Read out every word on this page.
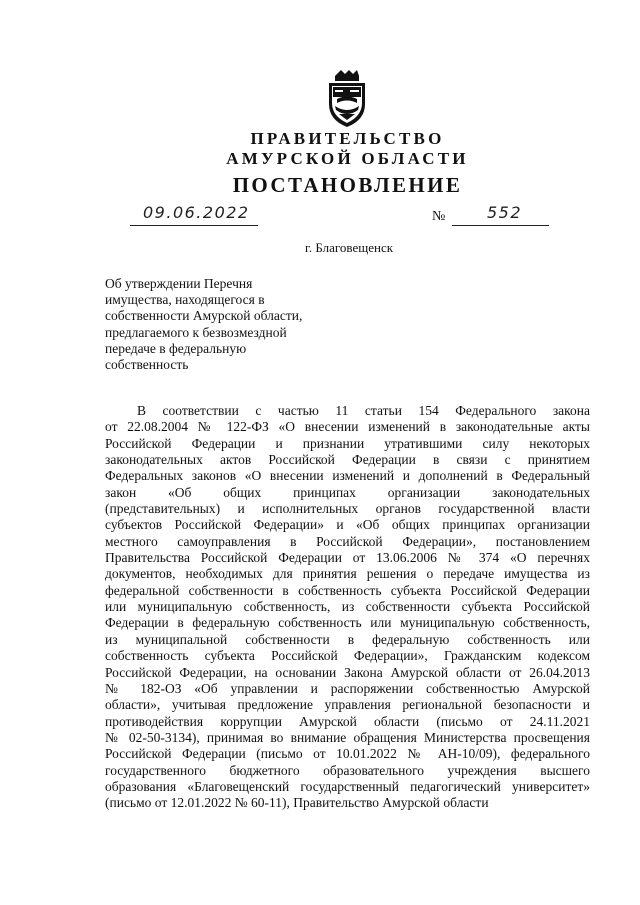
ПРАВИТЕЛЬСТВО
АМУРСКОЙ ОБЛАСТИ
ПОСТАНОВЛЕНИЕ
09.06.2022	№	552
г. Благовещенск
Об утверждении Перечня
имущества, находящегося в
собственности Амурской области,
предлагаемого к безвозмездной
передаче в федеральную
собственность
В соответствии с частью 11 статьи 154 Федерального закона
от 22.08.2004 № 122-ФЗ «О внесении изменений в законодательные акты
Российской Федерации и признании утратившими силу некоторых
законодательных актов Российской Федерации в связи с принятием
Федеральных законов «О внесении изменений и дополнений в Федеральный
закон «Об общих принципах организации законодательных
(представительных) и исполнительных органов государственной власти
субъектов Российской Федерации» и «Об общих принципах организации
местного самоуправления в Российской Федерации», постановлением
Правительства Российской Федерации от 13.06.2006 № 374 «О перечнях
документов, необходимых для принятия решения о передаче имущества из
федеральной собственности в собственность субъекта Российской Федерации
или муниципальную собственность, из собственности субъекта Российской
Федерации в федеральную собственность или муниципальную собственность,
из муниципальной собственности в федеральную собственность или
собственность субъекта Российской Федерации», Гражданским кодексом
Российской Федерации, на основании Закона Амурской области от 26.04.2013
№ 182-ОЗ «Об управлении и распоряжении собственностью Амурской
области», учитывая предложение управления региональной безопасности и
противодействия коррупции Амурской области (письмо от 24.11.2021
№ 02-50-3134), принимая во внимание обращения Министерства просвещения
Российской Федерации (письмо от 10.01.2022 № АН-10/09), федерального
государственного бюджетного образовательного учреждения высшего
образования «Благовещенский государственный педагогический университет»
(письмо от 12.01.2022 № 60-11), Правительство Амурской области
